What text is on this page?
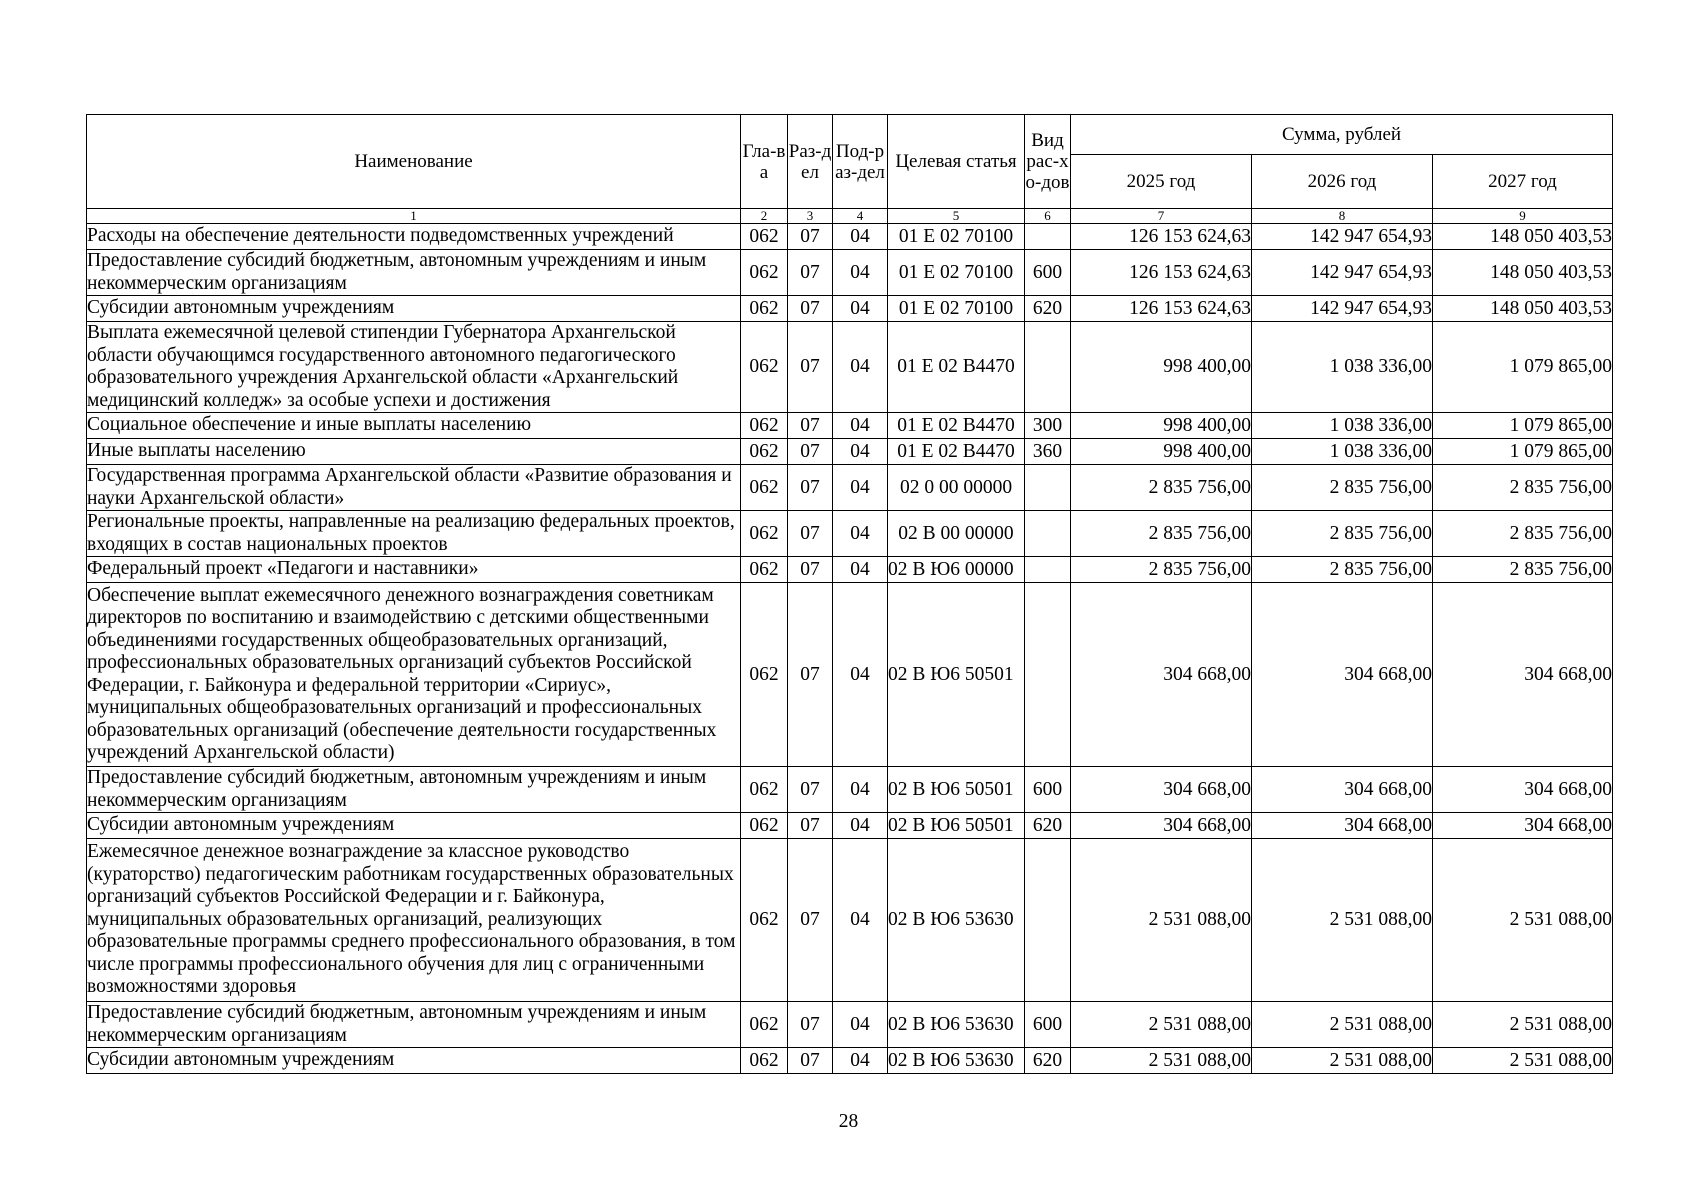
Наименование	Гла-ва	Раз-дел	Под-раз-дел	Целевая статья	Вид рас-хо-дов	Сумма, рублей		
						2025 год	2026 год	2027 год
1	2	3	4	5	6	7	8	9
Расходы на обеспечение деятельности подведомственных учреждений	062	07	04	01 Е 02 70100		126 153 624,63	142 947 654,93	148 050 403,53
Предоставление субсидий бюджетным, автономным учреждениям и иным некоммерческим организациям	062	07	04	01 Е 02 70100	600	126 153 624,63	142 947 654,93	148 050 403,53
Субсидии автономным учреждениям	062	07	04	01 Е 02 70100	620	126 153 624,63	142 947 654,93	148 050 403,53
Выплата ежемесячной целевой стипендии Губернатора Архангельской области обучающимся государственного автономного педагогического образовательного учреждения Архангельской области «Архангельский медицинский колледж» за особые успехи и достижения	062	07	04	01 Е 02 В4470		998 400,00	1 038 336,00	1 079 865,00
Социальное обеспечение и иные выплаты населению	062	07	04	01 Е 02 В4470	300	998 400,00	1 038 336,00	1 079 865,00
Иные выплаты населению	062	07	04	01 Е 02 В4470	360	998 400,00	1 038 336,00	1 079 865,00
Государственная программа Архангельской области «Развитие образования и науки Архангельской области»	062	07	04	02 0 00 00000		2 835 756,00	2 835 756,00	2 835 756,00
Региональные проекты, направленные на реализацию федеральных проектов, входящих в состав национальных проектов	062	07	04	02 В 00 00000		2 835 756,00	2 835 756,00	2 835 756,00
Федеральный проект «Педагоги и наставники»	062	07	04	02 В Ю6 00000		2 835 756,00	2 835 756,00	2 835 756,00
Обеспечение выплат ежемесячного денежного вознаграждения советникам директоров по воспитанию и взаимодействию с детскими общественными объединениями государственных общеобразовательных организаций, профессиональных образовательных организаций субъектов Российской Федерации, г. Байконура и федеральной территории «Сириус», муниципальных общеобразовательных организаций и профессиональных образовательных организаций (обеспечение деятельности государственных учреждений Архангельской области)	062	07	04	02 В Ю6 50501		304 668,00	304 668,00	304 668,00
Предоставление субсидий бюджетным, автономным учреждениям и иным некоммерческим организациям	062	07	04	02 В Ю6 50501	600	304 668,00	304 668,00	304 668,00
Субсидии автономным учреждениям	062	07	04	02 В Ю6 50501	620	304 668,00	304 668,00	304 668,00
Ежемесячное денежное вознаграждение за классное руководство (кураторство) педагогическим работникам государственных образовательных организаций субъектов Российской Федерации и г. Байконура, муниципальных образовательных организаций, реализующих образовательные программы среднего профессионального образования, в том числе программы профессионального обучения для лиц с ограниченными возможностями здоровья	062	07	04	02 В Ю6 53630		2 531 088,00	2 531 088,00	2 531 088,00
Предоставление субсидий бюджетным, автономным учреждениям и иным некоммерческим организациям	062	07	04	02 В Ю6 53630	600	2 531 088,00	2 531 088,00	2 531 088,00
Субсидии автономным учреждениям	062	07	04	02 В Ю6 53630	620	2 531 088,00	2 531 088,00	2 531 088,00
28
